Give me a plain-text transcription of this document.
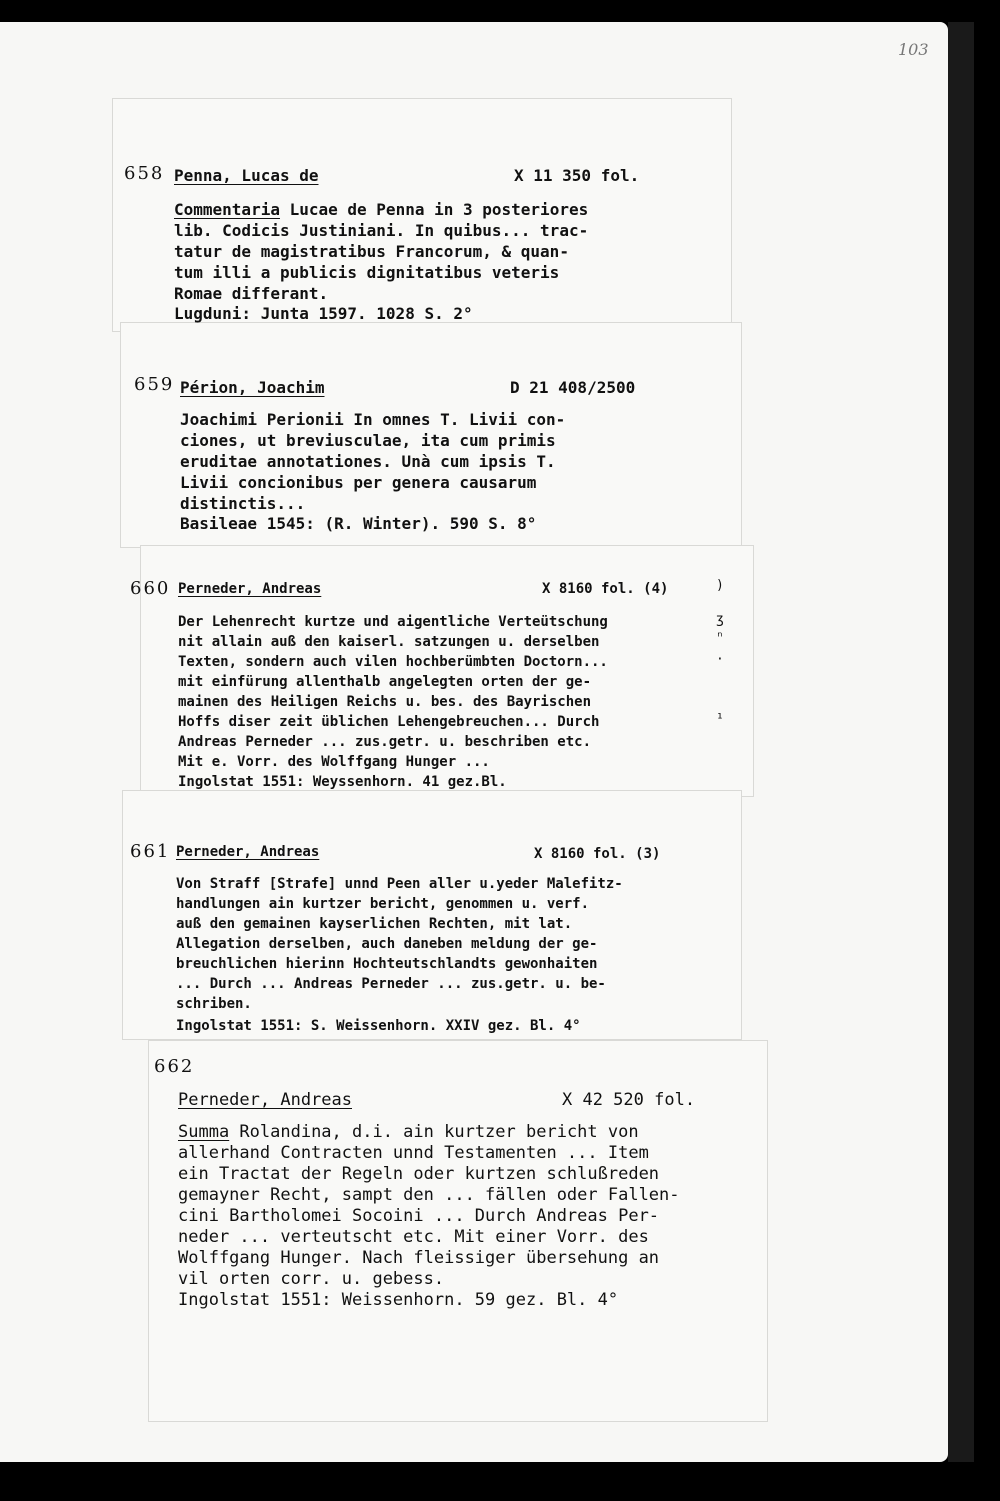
103
658 Penna, Lucas de	X 11 350 fol.
Commentaria Lucae de Penna in 3 posteriores
lib. Codicis Justiniani. In quibus... trac-
tatur de magistratibus Francorum, & quan-
tum illi a publicis dignitatibus veteris
Romae differant.
Lugduni: Junta 1597. 1028 S. 2°
659 Périon, Joachim	D 21 408/2500
Joachimi Perionii In omnes T. Livii con-
ciones, ut breviusculae, ita cum primis
eruditae annotationes. Unà cum ipsis T.
Livii concionibus per genera causarum
distinctis...
Basileae 1545: (R. Winter). 590 S. 8°
660 Perneder, Andreas	X 8160 fol. (4)
Der Lehenrecht kurtze und aigentliche Verteütschung
nit allain auß den kaiserl. satzungen u. derselben
Texten, sondern auch vilen hochberümbten Doctorn...
mit einfürung allenthalb angelegten orten der ge-
mainen des Heiligen Reichs u. bes. des Bayrischen
Hoffs diser zeit üblichen Lehengebreuchen... Durch
Andreas Perneder ... zus.getr. u. beschriben etc.
Mit e. Vorr. des Wolffgang Hunger ...
Ingolstat 1551: Weyssenhorn. 41 gez.Bl.
)
ʒ
ⁿ
·
¹
661 Perneder, Andreas	X 8160 fol. (3)
Von Straff [Strafe] unnd Peen aller u.yeder Malefitz-
handlungen ain kurtzer bericht, genommen u. verf.
auß den gemainen kayserlichen Rechten, mit lat.
Allegation derselben, auch daneben meldung der ge-
breuchlichen hierinn Hochteutschlandts gewonhaiten
... Durch ... Andreas Perneder ... zus.getr. u. be-
schriben.
Ingolstat 1551: S. Weissenhorn. XXIV gez. Bl. 4°
662
Perneder, Andreas	X 42 520 fol.
Summa Rolandina, d.i. ain kurtzer bericht von
allerhand Contracten unnd Testamenten ... Item
ein Tractat der Regeln oder kurtzen schlußreden
gemayner Recht, sampt den ... fällen oder Fallen-
cini Bartholomei Socoini ... Durch Andreas Per-
neder ... verteutscht etc. Mit einer Vorr. des
Wolffgang Hunger. Nach fleissiger übersehung an
vil orten corr. u. gebess.
Ingolstat 1551: Weissenhorn. 59 gez. Bl. 4°
